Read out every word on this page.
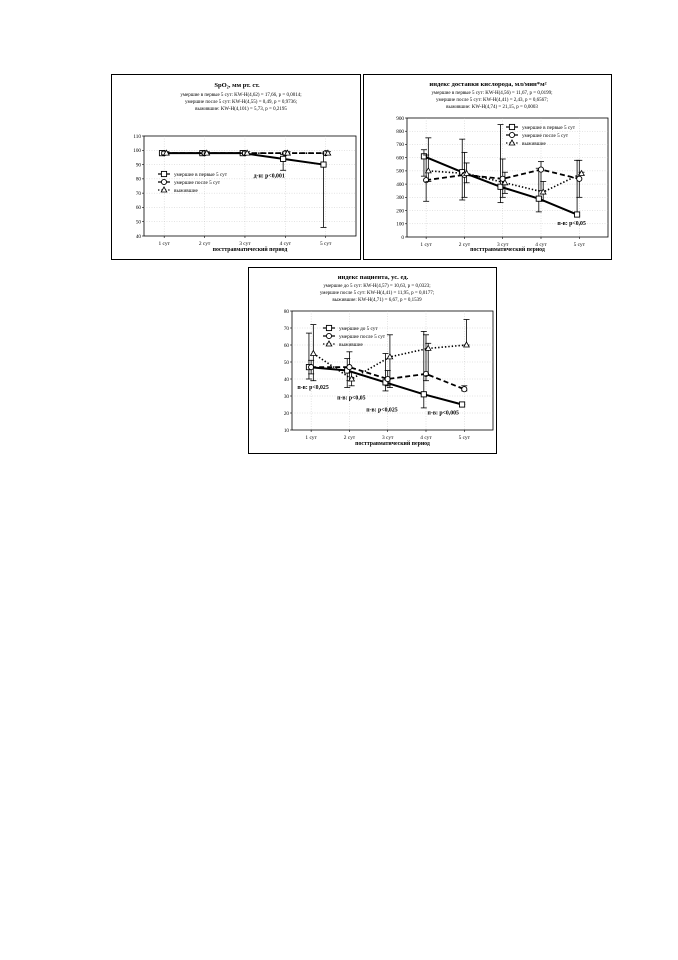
SpO₂, мм рт. ст.
умершие в первые 5 сут: KW-H(4,62) = 17,66, p = 0,0014;
умершие после 5 сут: KW-H(4,55) = 0,49, p = 0,9736;
выжившие: KW-H(4,101) = 5,73, p = 0,2195
40
50
60
70
80
90
100
110
1 сут	2 сут	3 сут	4 сут	5 сут
посттравматический период
умершие в первые 5 сут
умершие после 5 сут
выжившие
д-н: p<0,001
индекс доставки кислорода, мл/мин*м²
умершие в первые 5 сут: KW-H(4,56) = 11,67, p = 0,0199;
умершие после 5 сут: KW-H(4,41) = 2,43, p = 0,6567;
выжившие: KW-H(4,74) = 21,15, p = 0,0003
0
100
200
300
400
500
600
700
800
900
1 сут	2 сут	3 сут	4 сут	5 сут
посттравматический период
умершие в первые 5 сут
умершие после 5 сут
выжившие
п-в: p<0,05
индекс пациента, ус. ед.
умершие до 5 сут: KW-H(4,57) = 10,63, p = 0,0323;
умершие после 5 сут: KW-H(4,41) = 11,95, p = 0,0177;
выжившие: KW-H(4,71) = 6,67, p = 0,1539
10
20
30
40
50
60
70
80
1 сут	2 сут	3 сут	4 сут	5 сут
посттравматический период
умершие до 5 сут
умершие после 5 сут
выжившие
п-в: p<0,025
п-в: p<0,05
п-в: p<0,025
п-в: p<0,005
